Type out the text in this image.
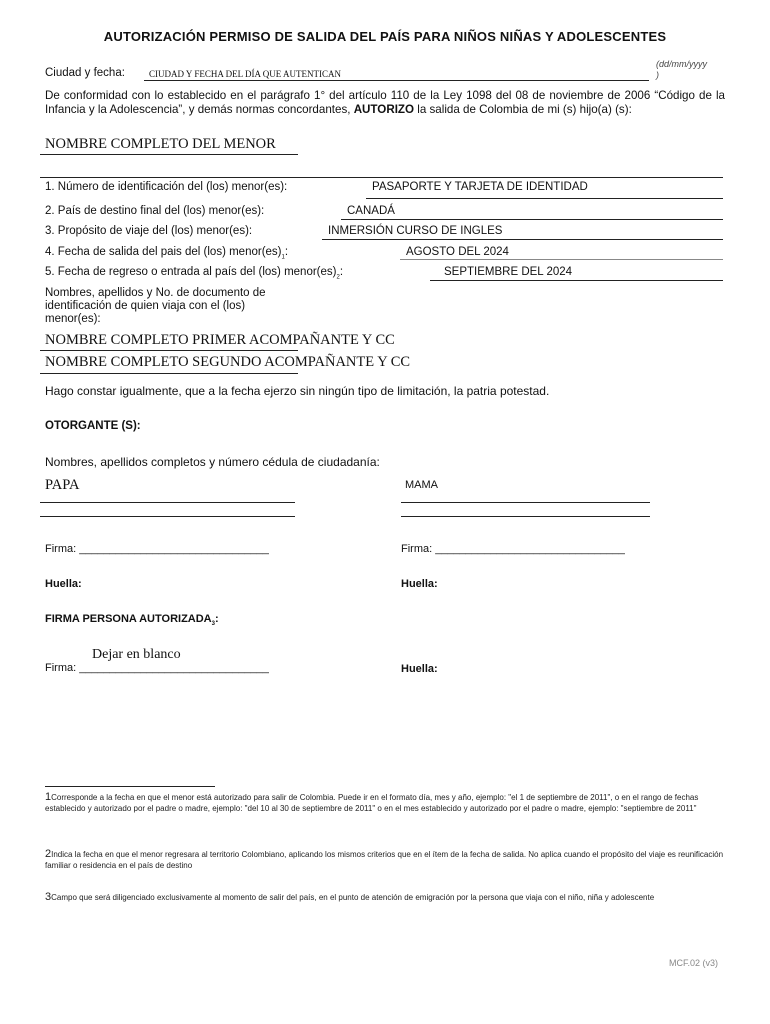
AUTORIZACIÓN PERMISO DE SALIDA DEL PAÍS PARA NIÑOS NIÑAS Y ADOLESCENTES
Ciudad y fecha:	CIUDAD Y FECHA DEL DÍA QUE AUTENTICAN
(dd/mm/yyyy
)
De conformidad con lo establecido en el parágrafo 1° del artículo 110 de la Ley 1098 del 08 de noviembre de 2006 “Código de la Infancia y la Adolescencia”, y demás normas concordantes, AUTORIZO la salida de Colombia de mi (s) hijo(a) (s):
NOMBRE COMPLETO DEL MENOR
1. Número de identificación del (los) menor(es):	PASAPORTE Y TARJETA DE IDENTIDAD
2. País de destino final del (los) menor(es):	CANADÁ
3. Propósito de viaje del (los) menor(es):	INMERSIÓN CURSO DE INGLES
4. Fecha de salida del pais del (los) $menor(es)_1$:	AGOSTO DEL 2024
5. Fecha de regreso o entrada al país del (los) $menor(es)_2$:	SEPTIEMBRE DEL 2024
Nombres, apellidos y No. de documento de
identificación de quien viaja con el (los)
menor(es):
NOMBRE COMPLETO PRIMER ACOMPAÑANTE Y CC
NOMBRE COMPLETO SEGUNDO ACOMPAÑANTE Y CC
Hago constar igualmente, que a la fecha ejerzo sin ningún tipo de limitación, la patria potestad.
OTORGANTE (S):
Nombres, apellidos completos y número cédula de ciudadanía:
PAPA	MAMA
Firma: _______________________________	Firma: _______________________________
Huella:	Huella:
FIRMA PERSONA $AUTORIZADA_3$:
Dejar en blanco
Firma: _______________________________	Huella:
1Corresponde a la fecha en que el menor está autorizado para salir de Colombia. Puede ir en el formato día, mes y año, ejemplo: "el 1 de septiembre de 2011", o en el rango de fechas establecido y autorizado por el padre o madre, ejemplo: "del 10 al 30 de septiembre de 2011" o en el mes establecido y autorizado por el padre o madre, ejemplo: "septiembre de 2011"
2Indica la fecha en que el menor regresara al territorio Colombiano, aplicando los mismos criterios que en el ítem de la fecha de salida. No aplica cuando el propósito del viaje es reunificación familiar o residencia en el país de destino
3Campo que será diligenciado exclusivamente al momento de salir del país, en el punto de atención de emigración por la persona que viaja con el niño, niña y adolescente
MCF.02 (v3)
